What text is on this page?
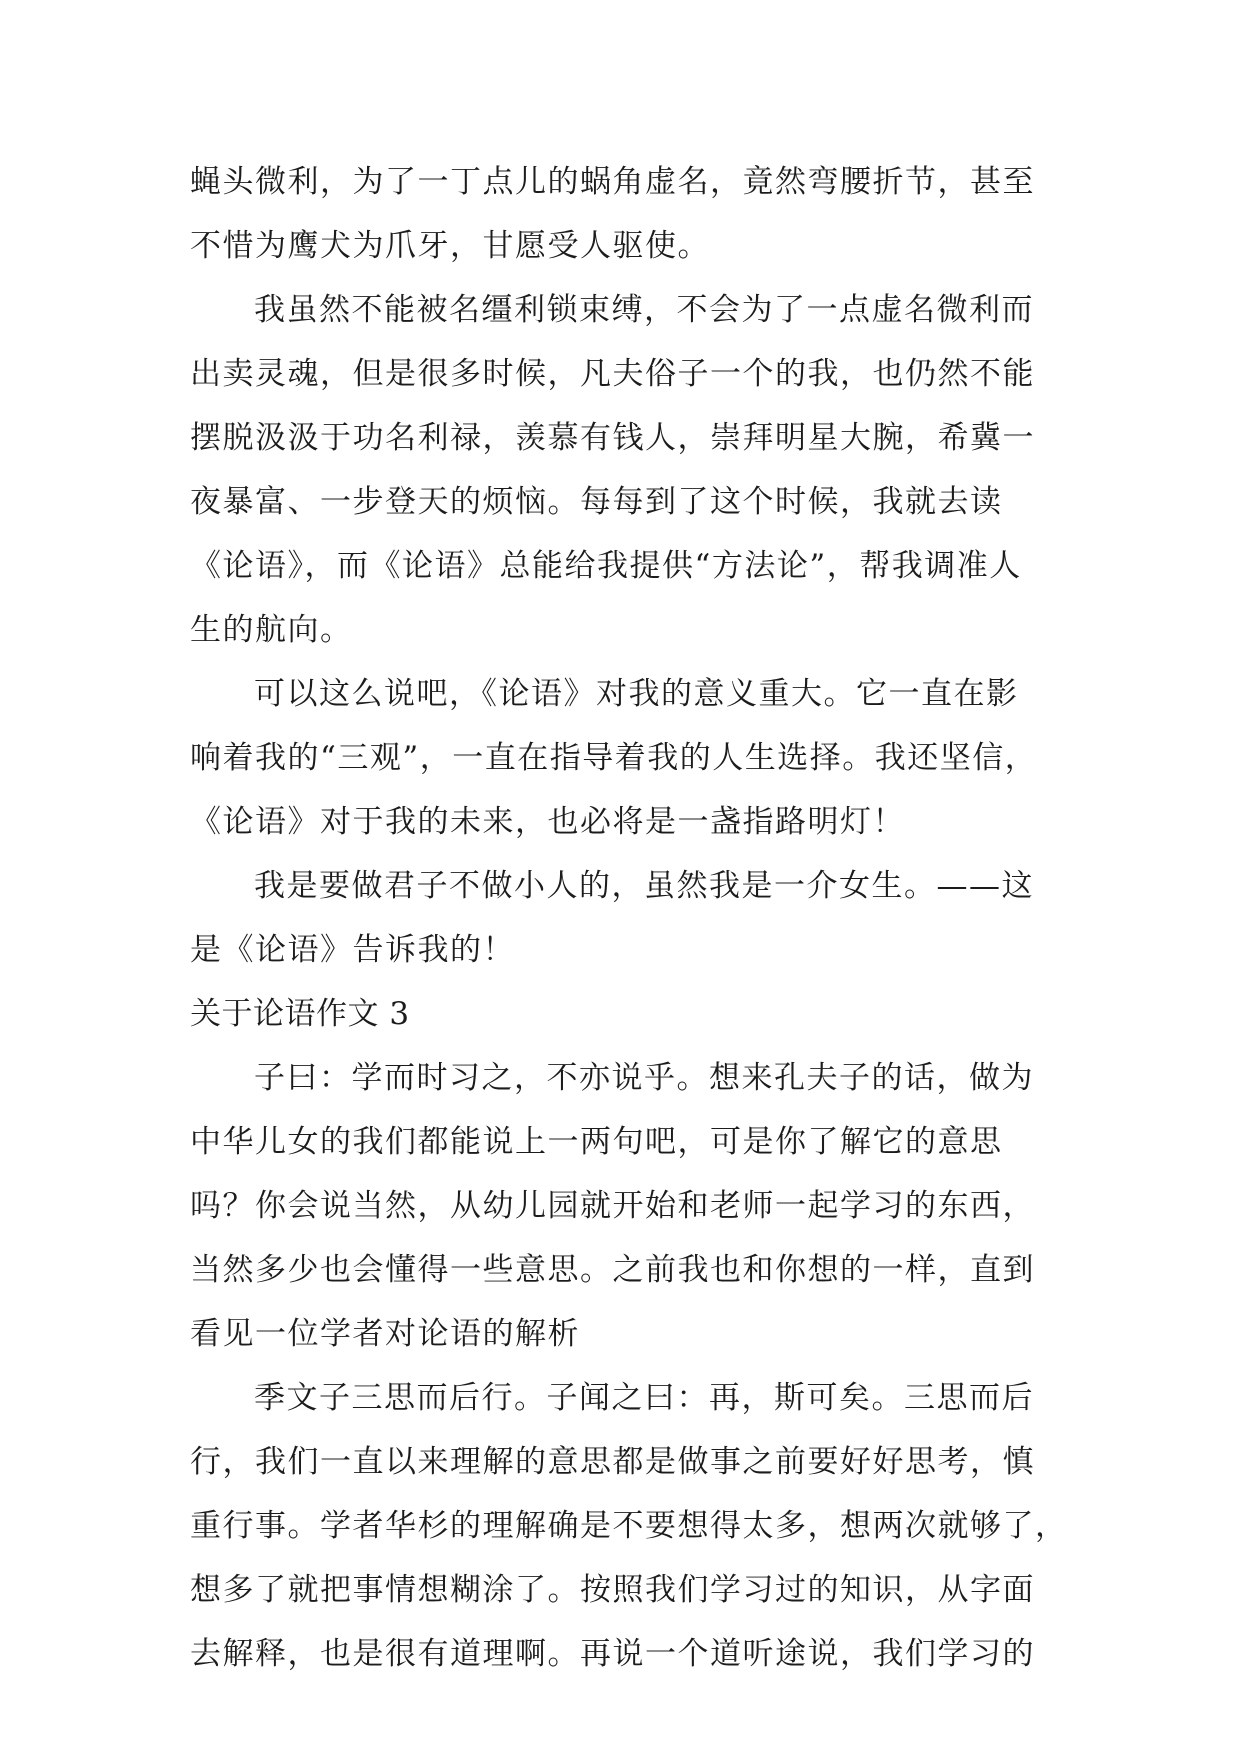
蝇头微利，为了一丁点儿的蜗角虚名，竟然弯腰折节，甚至
不惜为鹰犬为爪牙，甘愿受人驱使。
我虽然不能被名缰利锁束缚，不会为了一点虚名微利而
出卖灵魂，但是很多时候，凡夫俗子一个的我，也仍然不能
摆脱汲汲于功名利禄，羡慕有钱人，崇拜明星大腕，希冀一
夜暴富、一步登天的烦恼。每每到了这个时候，我就去读
《论语》，而《论语》总能给我提供“方法论”，帮我调准人
生的航向。
可以这么说吧，《论语》对我的意义重大。它一直在影
响着我的“三观”，一直在指导着我的人生选择。我还坚信，
《论语》对于我的未来，也必将是一盏指路明灯！
我是要做君子不做小人的，虽然我是一介女生。——这
是《论语》告诉我的！
关于论语作文 3
子曰：学而时习之，不亦说乎。想来孔夫子的话，做为
中华儿女的我们都能说上一两句吧，可是你了解它的意思
吗？你会说当然，从幼儿园就开始和老师一起学习的东西，
当然多少也会懂得一些意思。之前我也和你想的一样，直到
看见一位学者对论语的解析
季文子三思而后行。子闻之曰：再，斯可矣。三思而后
行，我们一直以来理解的意思都是做事之前要好好思考，慎
重行事。学者华杉的理解确是不要想得太多，想两次就够了，
想多了就把事情想糊涂了。按照我们学习过的知识，从字面
去解释，也是很有道理啊。再说一个道听途说，我们学习的
